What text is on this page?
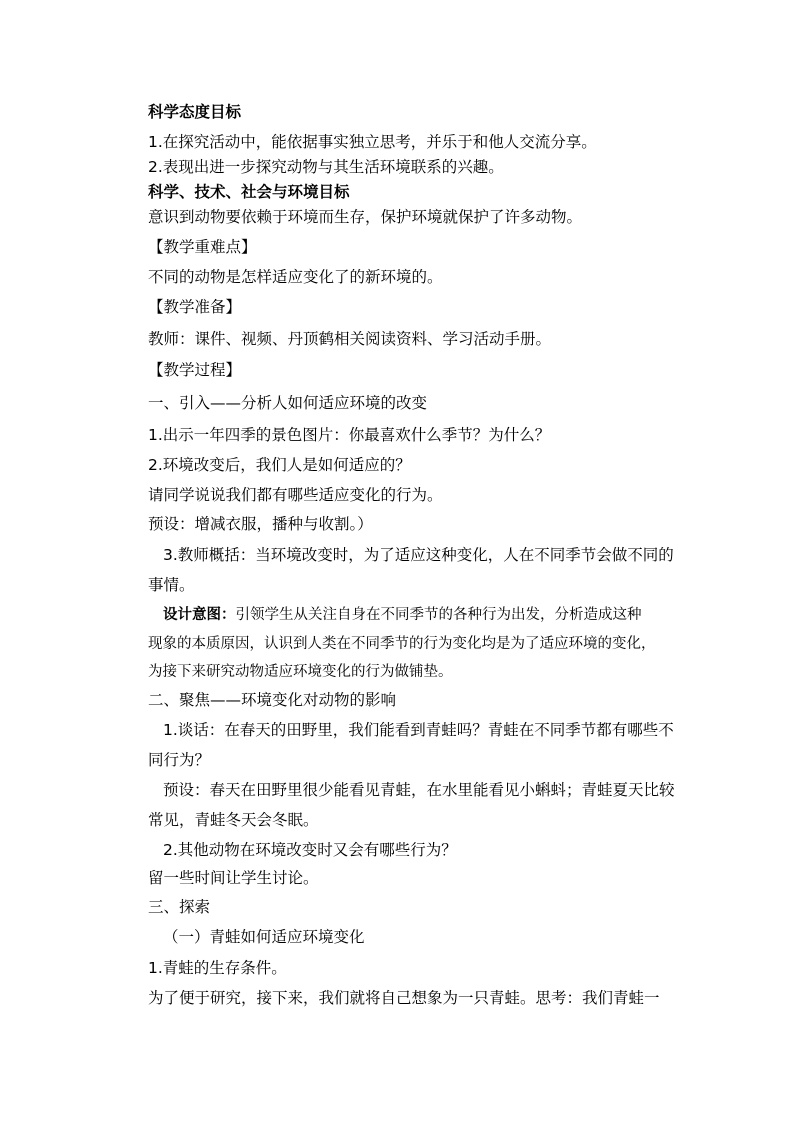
科学态度目标
1.在探究活动中，能依据事实独立思考，并乐于和他人交流分享。
2.表现出进一步探究动物与其生活环境联系的兴趣。
科学、技术、社会与环境目标
意识到动物要依赖于环境而生存，保护环境就保护了许多动物。
【教学重难点】
不同的动物是怎样适应变化了的新环境的。
【教学准备】
教师：课件、视频、丹顶鹤相关阅读资料、学习活动手册。
【教学过程】
一、引入——分析人如何适应环境的改变
1.出示一年四季的景色图片：你最喜欢什么季节？为什么？
2.环境改变后，我们人是如何适应的？
请同学说说我们都有哪些适应变化的行为。
预设：增减衣服，播种与收割。）
3.教师概括：当环境改变时，为了适应这种变化，人在不同季节会做不同的
事情。
设计意图：引领学生从关注自身在不同季节的各种行为出发，分析造成这种
现象的本质原因，认识到人类在不同季节的行为变化均是为了适应环境的变化，
为接下来研究动物适应环境变化的行为做铺垫。
二、聚焦——环境变化对动物的影响
1.谈话：在春天的田野里，我们能看到青蛙吗？青蛙在不同季节都有哪些不
同行为？
预设：春天在田野里很少能看见青蛙，在水里能看见小蝌蚪；青蛙夏天比较
常见，青蛙冬天会冬眠。
2.其他动物在环境改变时又会有哪些行为？
留一些时间让学生讨论。
三、探索
（一）青蛙如何适应环境变化
1.青蛙的生存条件。
为了便于研究，接下来，我们就将自己想象为一只青蛙。思考：我们青蛙一
